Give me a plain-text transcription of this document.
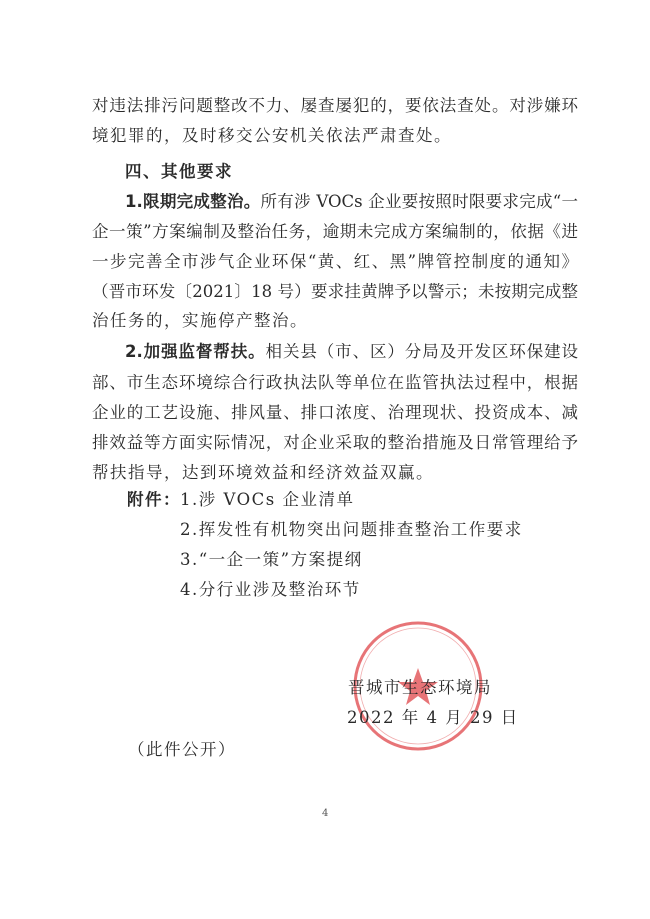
对违法排污问题整改不力、屡查屡犯的，要依法查处。对涉嫌环
境犯罪的，及时移交公安机关依法严肃查处。
四、其他要求
1.限期完成整治。所有涉 VOCs 企业要按照时限要求完成“一
企一策”方案编制及整治任务，逾期未完成方案编制的，依据《进
一步完善全市涉气企业环保“黄、红、黑”牌管控制度的通知》
（晋市环发〔2021〕18 号）要求挂黄牌予以警示；未按期完成整
治任务的，实施停产整治。
2.加强监督帮扶。相关县（市、区）分局及开发区环保建设
部、市生态环境综合行政执法队等单位在监管执法过程中，根据
企业的工艺设施、排风量、排口浓度、治理现状、投资成本、减
排效益等方面实际情况，对企业采取的整治措施及日常管理给予
帮扶指导，达到环境效益和经济效益双赢。
附件： 1.涉 VOCs 企业清单
2.挥发性有机物突出问题排查整治工作要求
3.“一企一策”方案提纲
4.分行业涉及整治环节
晋城市生态环境局
2022 年 4 月 29 日
（此件公开）
4
